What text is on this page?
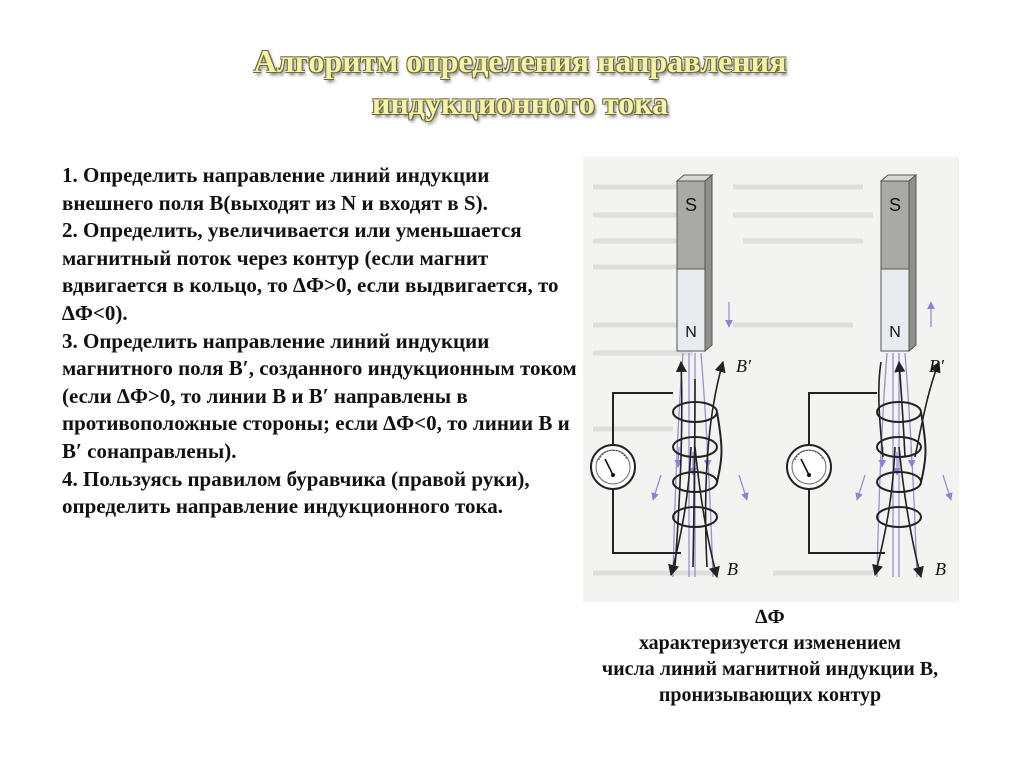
Алгоритм определения направления
индукционного тока

1. Определить направление линий индукции внешнего поля В(выходят из N и входят в S).

2. Определить, увеличивается или уменьшается магнитный поток через контур (если магнит вдвигается в кольцо, то ∆Ф>0, если выдвигается, то ∆Ф<0).

3. Определить направление линий индукции магнитного поля В′, созданного индукционным током (если ∆Ф>0, то линии В и В′ направлены в противоположные стороны; если ∆Ф<0, то линии В и В′ сонаправлены).

4. Пользуясь правилом буравчика (правой руки), определить направление индукционного тока.

S
N
B′
B
S
N
B′
B
∆Ф
характеризуется изменением
числа линий магнитной индукции В,
пронизывающих контур
